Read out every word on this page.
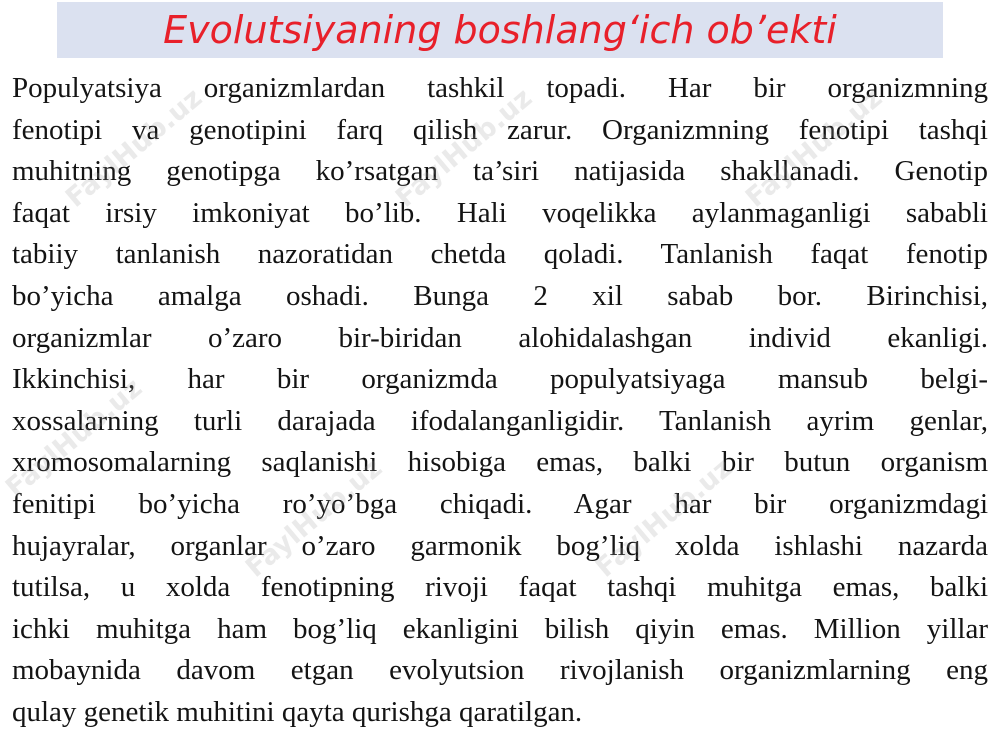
Evolutsiyaning boshlang‘ich ob’ekti
Populyatsiya organizmlardan tashkil topadi. Har bir organizmning
fenotipi va genotipini farq qilish zarur. Organizmning fenotipi tashqi
muhitning genotipga ko’rsatgan ta’siri natijasida shakllanadi. Genotip
faqat irsiy imkoniyat bo’lib. Hali voqelikka aylanmaganligi sababli
tabiiy tanlanish nazoratidan chetda qoladi. Tanlanish faqat fenotip
bo’yicha amalga oshadi. Bunga 2 xil sabab bor. Birinchisi,
organizmlar o’zaro bir-biridan alohidalashgan individ ekanligi.
Ikkinchisi, har bir organizmda populyatsiyaga mansub belgi-
xossalarning turli darajada ifodalanganligidir. Tanlanish ayrim genlar,
xromosomalarning saqlanishi hisobiga emas, balki bir butun organism
fenitipi bo’yicha ro’yo’bga chiqadi. Agar har bir organizmdagi
hujayralar, organlar o’zaro garmonik bog’liq xolda ishlashi nazarda
tutilsa, u xolda fenotipning rivoji faqat tashqi muhitga emas, balki
ichki muhitga ham bog’liq ekanligini bilish qiyin emas. Million yillar
mobaynida davom etgan evolyutsion rivojlanish organizmlarning eng
qulay genetik muhitini qayta qurishga qaratilgan.
FaylHub.uz	FaylHub.uz	FaylHub.uz
FaylHub.uz
FaylHub.uz	FaylHub.uz
